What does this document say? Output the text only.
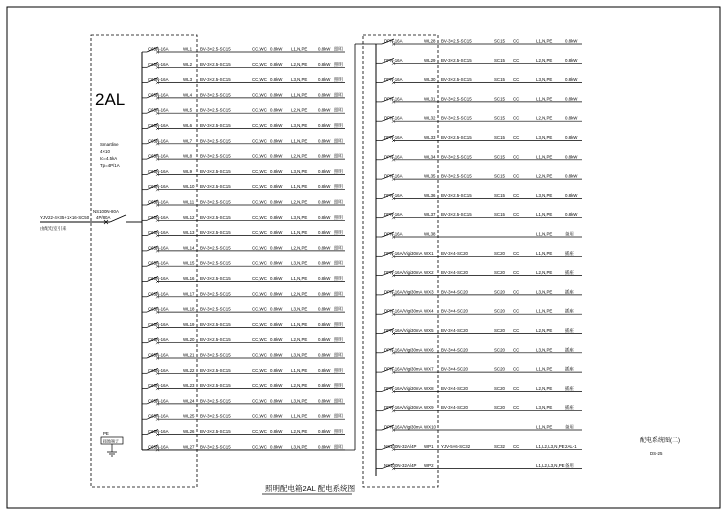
2AL
Smartline
4×10
Ic=4.5kA
Tp=4P/1A
YJV22-4×35+1×16-SC50
由配电室引来
NS100N-80A
4P/80A
PE
接地端子
C65N-16A	WL1 BV-3×2.5-SC15	CC,WC 0.8kW L1,N,PE 0.8kW 照明
C65N-16A	WL2 BV-3×2.5-SC15	CC,WC 0.8kW L2,N,PE 0.8kW 照明
C65N-16A	WL3 BV-3×2.5-SC15	CC,WC 0.8kW L3,N,PE 0.8kW 照明
C65N-16A	WL4 BV-3×2.5-SC15	CC,WC 0.8kW L1,N,PE 0.8kW 照明
C65N-16A	WL5 BV-3×2.5-SC15	CC,WC 0.8kW L2,N,PE 0.8kW 照明
C65N-16A	WL6 BV-3×2.5-SC15	CC,WC 0.8kW L3,N,PE 0.8kW 照明
C65N-16A	WL7 BV-3×2.5-SC15	CC,WC 0.8kW L1,N,PE 0.8kW 照明
C65N-16A	WL8 BV-3×2.5-SC15	CC,WC 0.8kW L2,N,PE 0.8kW 照明
C65N-16A	WL9 BV-3×2.5-SC15	CC,WC 0.8kW L3,N,PE 0.8kW 照明
C65N-16A	WL10 BV-3×2.5-SC15	CC,WC 0.8kW L1,N,PE 0.8kW 照明
C65N-16A	WL11 BV-3×2.5-SC15	CC,WC 0.8kW L2,N,PE 0.8kW 照明
C65N-16A	WL12 BV-3×2.5-SC15	CC,WC 0.8kW L3,N,PE 0.8kW 照明
C65N-16A	WL13 BV-3×2.5-SC15	CC,WC 0.8kW L1,N,PE 0.8kW 照明
C65N-16A	WL14 BV-3×2.5-SC15	CC,WC 0.8kW L2,N,PE 0.8kW 照明
C65N-16A	WL15 BV-3×2.5-SC15	CC,WC 0.8kW L3,N,PE 0.8kW 照明
C65N-16A	WL16 BV-3×2.5-SC15	CC,WC 0.8kW L1,N,PE 0.8kW 照明
C65N-16A	WL17 BV-3×2.5-SC15	CC,WC 0.8kW L2,N,PE 0.8kW 照明
C65N-16A	WL18 BV-3×2.5-SC15	CC,WC 0.8kW L3,N,PE 0.8kW 照明
C65N-16A	WL19 BV-3×2.5-SC15	CC,WC 0.8kW L1,N,PE 0.8kW 照明
C65N-16A	WL20 BV-3×2.5-SC15	CC,WC 0.8kW L2,N,PE 0.8kW 照明
C65N-16A	WL21 BV-3×2.5-SC15	CC,WC 0.8kW L3,N,PE 0.8kW 照明
C65N-16A	WL22 BV-3×2.5-SC15	CC,WC 0.8kW L1,N,PE 0.8kW 照明
C65N-16A	WL23 BV-3×2.5-SC15	CC,WC 0.8kW L2,N,PE 0.8kW 照明
C65N-16A	WL24 BV-3×2.5-SC15	CC,WC 0.8kW L3,N,PE 0.8kW 照明
C65N-16A	WL25 BV-3×2.5-SC15	CC,WC 0.8kW L1,N,PE 0.8kW 照明
C65N-16A	WL26 BV-3×2.5-SC15	CC,WC 0.8kW L2,N,PE 0.8kW 照明
C65N-16A	WL27 BV-3×2.5-SC15	CC,WC 0.8kW L3,N,PE 0.8kW 照明
DPN-16A	WL28 BV-3×2.5-SC15	SC15 CC	L1,N,PE	0.8kW
DPN-16A	WL29 BV-3×2.5-SC15	SC15 CC	L2,N,PE	0.8kW
DPN-16A	WL30 BV-3×2.5-SC15	SC15 CC	L3,N,PE	0.8kW
DPN-16A	WL31 BV-3×2.5-SC15	SC15 CC	L1,N,PE	0.8kW
DPN-16A	WL32 BV-3×2.5-SC15	SC15 CC	L2,N,PE	0.8kW
DPN-16A	WL33 BV-3×2.5-SC15	SC15 CC	L3,N,PE	0.8kW
DPN-16A	WL34 BV-3×2.5-SC15	SC15 CC	L1,N,PE	0.8kW
DPN-16A	WL35 BV-3×2.5-SC15	SC15 CC	L2,N,PE	0.8kW
DPN-16A	WL36 BV-3×2.5-SC15	SC15 CC	L3,N,PE	0.8kW
DPN-16A	WL37 BV-3×2.5-SC15	SC15 CC	L1,N,PE	0.8kW
DPN-16A	WL38	L1,N,PE	备用
DPN-16A/Vigi30mA WX1 BV-3×4-SC20	SC20 CC	L1,N,PE	插座
DPN-16A/Vigi30mA WX2 BV-3×4-SC20	SC20 CC	L2,N,PE	插座
DPN-16A/Vigi30mA WX3 BV-3×4-SC20	SC20 CC	L3,N,PE	插座
DPN-16A/Vigi30mA WX4 BV-3×4-SC20	SC20 CC	L1,N,PE	插座
DPN-16A/Vigi30mA WX5 BV-3×4-SC20	SC20 CC	L2,N,PE	插座
DPN-16A/Vigi30mA WX6 BV-3×4-SC20	SC20 CC	L3,N,PE	插座
DPN-16A/Vigi30mA WX7 BV-3×4-SC20	SC20 CC	L1,N,PE	插座
DPN-16A/Vigi30mA WX8 BV-3×4-SC20	SC20 CC	L2,N,PE	插座
DPN-16A/Vigi30mA WX9 BV-3×4-SC20	SC20 CC	L3,N,PE	插座
DPN-16A/Vigi30mA WX10	L1,N,PE	备用
NS100N-32A/4P WP1 YJV-5×6-SC32	SC32 CC	L1,L2,L3,N,PE 2AL-1
NS100N-32A/4P WP2	L1,L2,L3,N,PE 备用
照明配电箱2AL 配电系统图
配电系统图(二)
DS-25
